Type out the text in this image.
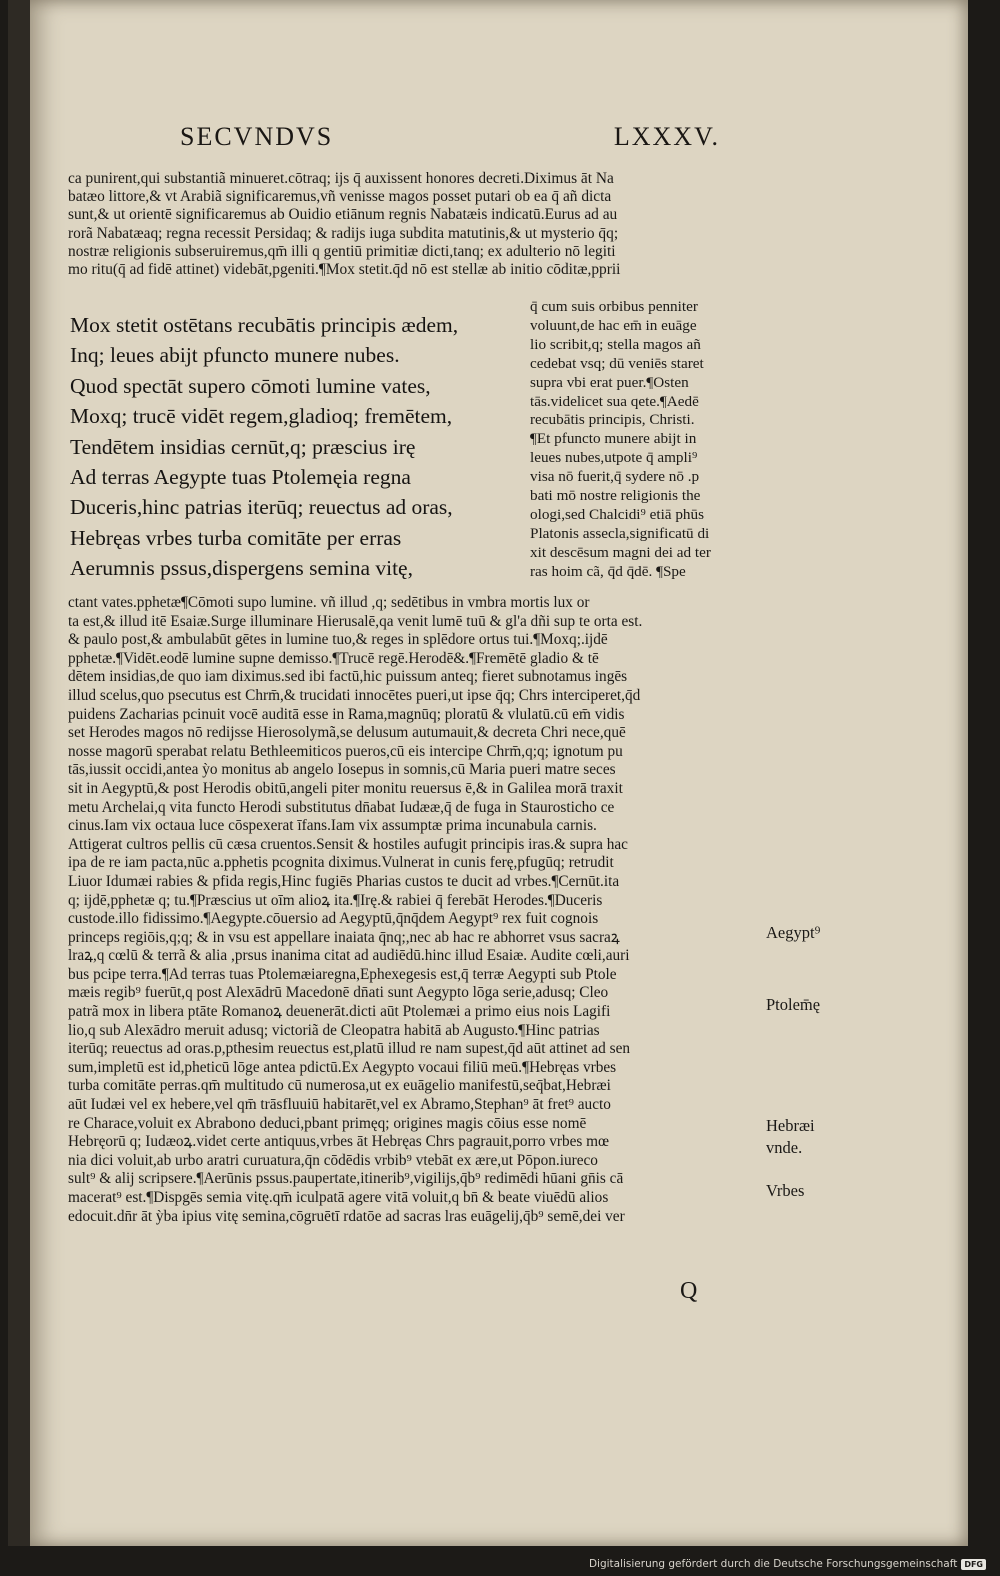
SECVNDVS	LXXXV.
ca punirent,qui substantiã minueret.cōtraq; ijs q̄ auxissent honores decreti.Diximus āt Na
batæo littore,& vt Arabiã significaremus,vñ venisse magos posset putari ob ea q̄ añ dicta
sunt,& ut orientē significaremus ab Ouidio etiānum regnis Nabatæis indicatū.Eurus ad au
rorã Nabatæaq; regna recessit Persidaq; & radijs iuga subdita matutinis,& ut mysterio q̄q;
nostræ religionis subseruiremus,qm̄ illi q gentiū primitiæ dicti,tanq; ex adulterio nō legiti
mo ritu(q̄ ad fidē attinet) videbāt,pgeniti.¶Mox stetit.q̄d nō est stellæ ab initio cōditæ,pprii
Mox stetit ostētans recubātis principis ædem,
Inq; leues abijt pfuncto munere nubes.
Quod spectāt supero cōmoti lumine vates,
Moxq; trucē vidēt regem,gladioq; fremētem,
Tendētem insidias cernūt,q; præscius irę
Ad terras Aegypte tuas Ptolemęia regna
Duceris,hinc patrias iterūq; reuectus ad oras,
Hebręas vrbes turba comitāte per erras
Aerumnis pssus,dispergens semina vitę,
q̄ cum suis orbibus penniter
voluunt,de hac em̄ in euāge
lio scribit,q; stella magos añ
cedebat vsq; dū veniēs staret
supra vbi erat puer.¶Osten
tās.videlicet sua qete.¶Aedē
recubātis principis, Christi.
¶Et pfuncto munere abijt in
leues nubes,utpote q̄ ampli⁹
visa nō fuerit,q̄ sydere nō .p
bati mō nostre religionis the
ologi,sed Chalcidi⁹ etiā phūs
Platonis assecla,significatū di
xit descēsum magni dei ad ter
ras hoim cã, q̄d q̄dē. ¶Spe
ctant vates.pphetæ¶Cōmoti supo lumine. vñ illud ,q; sedētibus in vmbra mortis lux or
ta est,& illud itē Esaiæ.Surge illuminare Hierusalē,qa venit lumē tuū & gl'a dñi sup te orta est.
& paulo post,& ambulabūt gētes in lumine tuo,& reges in splēdore ortus tui.¶Moxq;.ijdē
pphetæ.¶Vidēt.eodē lumine supne demisso.¶Trucē regē.Herodē&.¶Fremētē gladio & tē
dētem insidias,de quo iam diximus.sed ibi factū,hic puissum anteq; fieret subnotamus ingēs
illud scelus,quo psecutus est Chrm̄,& trucidati innocētes pueri,ut ipse q̄q; Chrs interciperet,q̄d
puidens Zacharias pcinuit vocē auditā esse in Rama,magnūq; ploratū & vlulatū.cū em̄ vidis
set Herodes magos nō redijsse Hierosolymã,se delusum autumauit,& decreta Chri nece,quē
nosse magorū sperabat relatu Bethleemiticos pueros,cū eis intercipe Chrm̄,q;q; ignotum pu
tās,iussit occidi,antea ỳo monitus ab angelo Iosepus in somnis,cū Maria pueri matre seces
sit in Aegyptū,& post Herodis obitū,angeli piter monitu reuersus ē,& in Galilea morā traxit
metu Archelai,q vita functo Herodi substitutus dn̄abat Iudææ,q̄ de fuga in Staurosticho ce
cinus.Iam vix octaua luce cōspexerat īfans.Iam vix assumptæ prima incunabula carnis.
Attigerat cultros pellis cū cæsa cruentos.Sensit & hostiles aufugit principis iras.& supra hac
ipa de re iam pacta,nūc a.pphetis pcognita diximus.Vulnerat in cunis ferę,pfugūq; retrudit
Liuor Idumæi rabies & pfida regis,Hinc fugiēs Pharias custos te ducit ad vrbes.¶Cernūt.ita
q; ijdē,pphetæ q; tu.¶Præscius ut oīm alioꝝ ita.¶Irę.& rabiei q̄ ferebāt Herodes.¶Duceris
custode.illo fidissimo.¶Aegypte.cōuersio ad Aegyptū,q̄nq̄dem Aegypt⁹ rex fuit cognois
princeps regiōis,q;q; & in vsu est appellare inaiata q̄nq;,nec ab hac re abhorret vsus sacraꝝ
lraꝝ,q cœlū & terrã & alia ,prsus inanima citat ad audiēdū.hinc illud Esaiæ. Audite cœli,auri
bus pcipe terra.¶Ad terras tuas Ptolemæiaregna,Ephexegesis est,q̄ terræ Aegypti sub Ptole
mæis regib⁹ fuerūt,q post Alexādrū Macedonē dn̄ati sunt Aegypto lōga serie,adusq; Cleo
patrã mox in libera ptāte Romanoꝝ deuenerāt.dicti aūt Ptolemæi a primo eius nois Lagifi
lio,q sub Alexādro meruit adusq; victoriã de Cleopatra habitā ab Augusto.¶Hinc patrias
iterūq; reuectus ad oras.p,pthesim reuectus est,platū illud re nam supest,q̄d aūt attinet ad sen
sum,impletū est id,pheticū lōge antea pdictū.Ex Aegypto vocaui filiū meū.¶Hebręas vrbes
turba comitāte perras.qm̄ multitudo cū numerosa,ut ex euāgelio manifestū,seq̄bat,Hebræi
aūt Iudæi vel ex hebere,vel qm̄ trāsfluuiū habitarēt,vel ex Abramo,Stephan⁹ āt fret⁹ aucto
re Charace,voluit ex Abrabono deduci,pbant primęq; origines magis cōius esse nomē
Hebręorū q; Iudæoꝝ.videt certe antiquus,vrbes āt Hebręas Chrs pagrauit,porro vrbes mœ
nia dici voluit,ab urbo aratri curuatura,q̄n cōdēdis vrbib⁹ vtebāt ex ære,ut Pōpon.iureco
sult⁹ & alij scripsere.¶Aerūnis pssus.paupertate,itinerib⁹,vigilijs,q̄b⁹ redimēdi hūani gn̄is cā
macerat⁹ est.¶Dispgēs semia vitę.qm̄ iculpatā agere vitā voluit,q bn̄ & beate viuēdū alios
edocuit.dn̄r āt ỳba ipius vitę semina,cōgruētī rdatōe ad sacras lras euāgelij,q̄b⁹ semē,dei ver
Aegypt⁹
Ptolem̄ę
Hebræi
vnde.
Vrbes
Q
Digitalisierung gefördert durch die Deutsche Forschungsgemeinschaft DFG
